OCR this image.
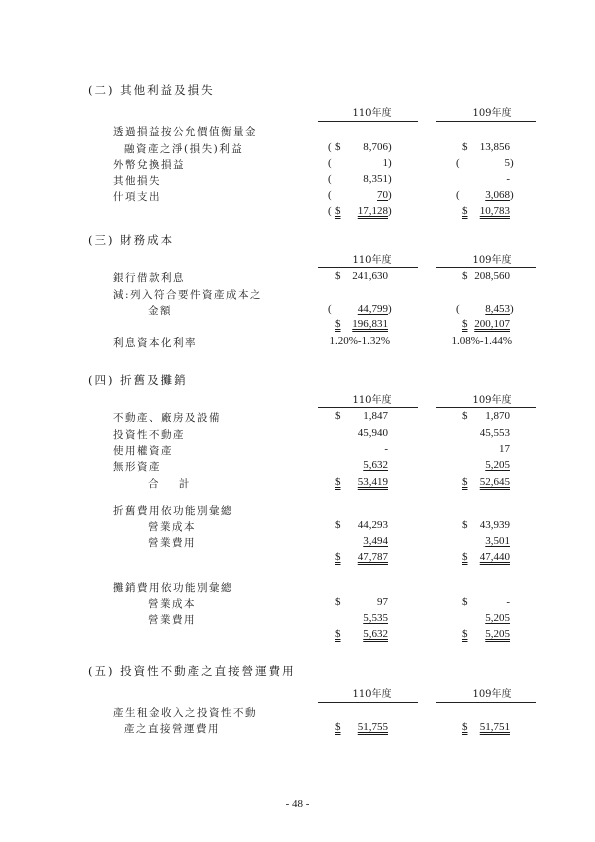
(二) 其他利益及損失
110年度	109年度
透過損益按公允價值衡量金
融資產之淨(損失)利益	( $	8,706 )	$	13,856
外幣兌換損益	(	1 )	(	5 )
其他損失	(	8,351 )	-
什項支出	(	70 )	(	3,068 )
( $	17,128 )	$	10,783
(三) 財務成本
110年度	109年度
銀行借款利息	$	241,630	$ 208,560
減:列入符合要件資產成本之
金額	(	44,799 )	(	8,453 )
$	196,831	$ 200,107
利息資本化利率	1.20%-1.32%	1.08%-1.44%
(四) 折舊及攤銷
110年度	109年度
不動產、廠房及設備	$	1,847	$	1,870
投資性不動產	45,940	45,553
使用權資產	-	17
無形資產	5,632	5,205
合 計	$	53,419	$	52,645
折舊費用依功能別彙總
營業成本	$	44,293	$	43,939
營業費用	3,494	3,501
$	47,787	$	47,440
攤銷費用依功能別彙總
營業成本	$	97	$	-
營業費用	5,535	5,205
$	5,632	$	5,205
(五) 投資性不動產之直接營運費用
110年度	109年度
產生租金收入之投資性不動
產之直接營運費用	$	51,755	$	51,751
- 48 -
